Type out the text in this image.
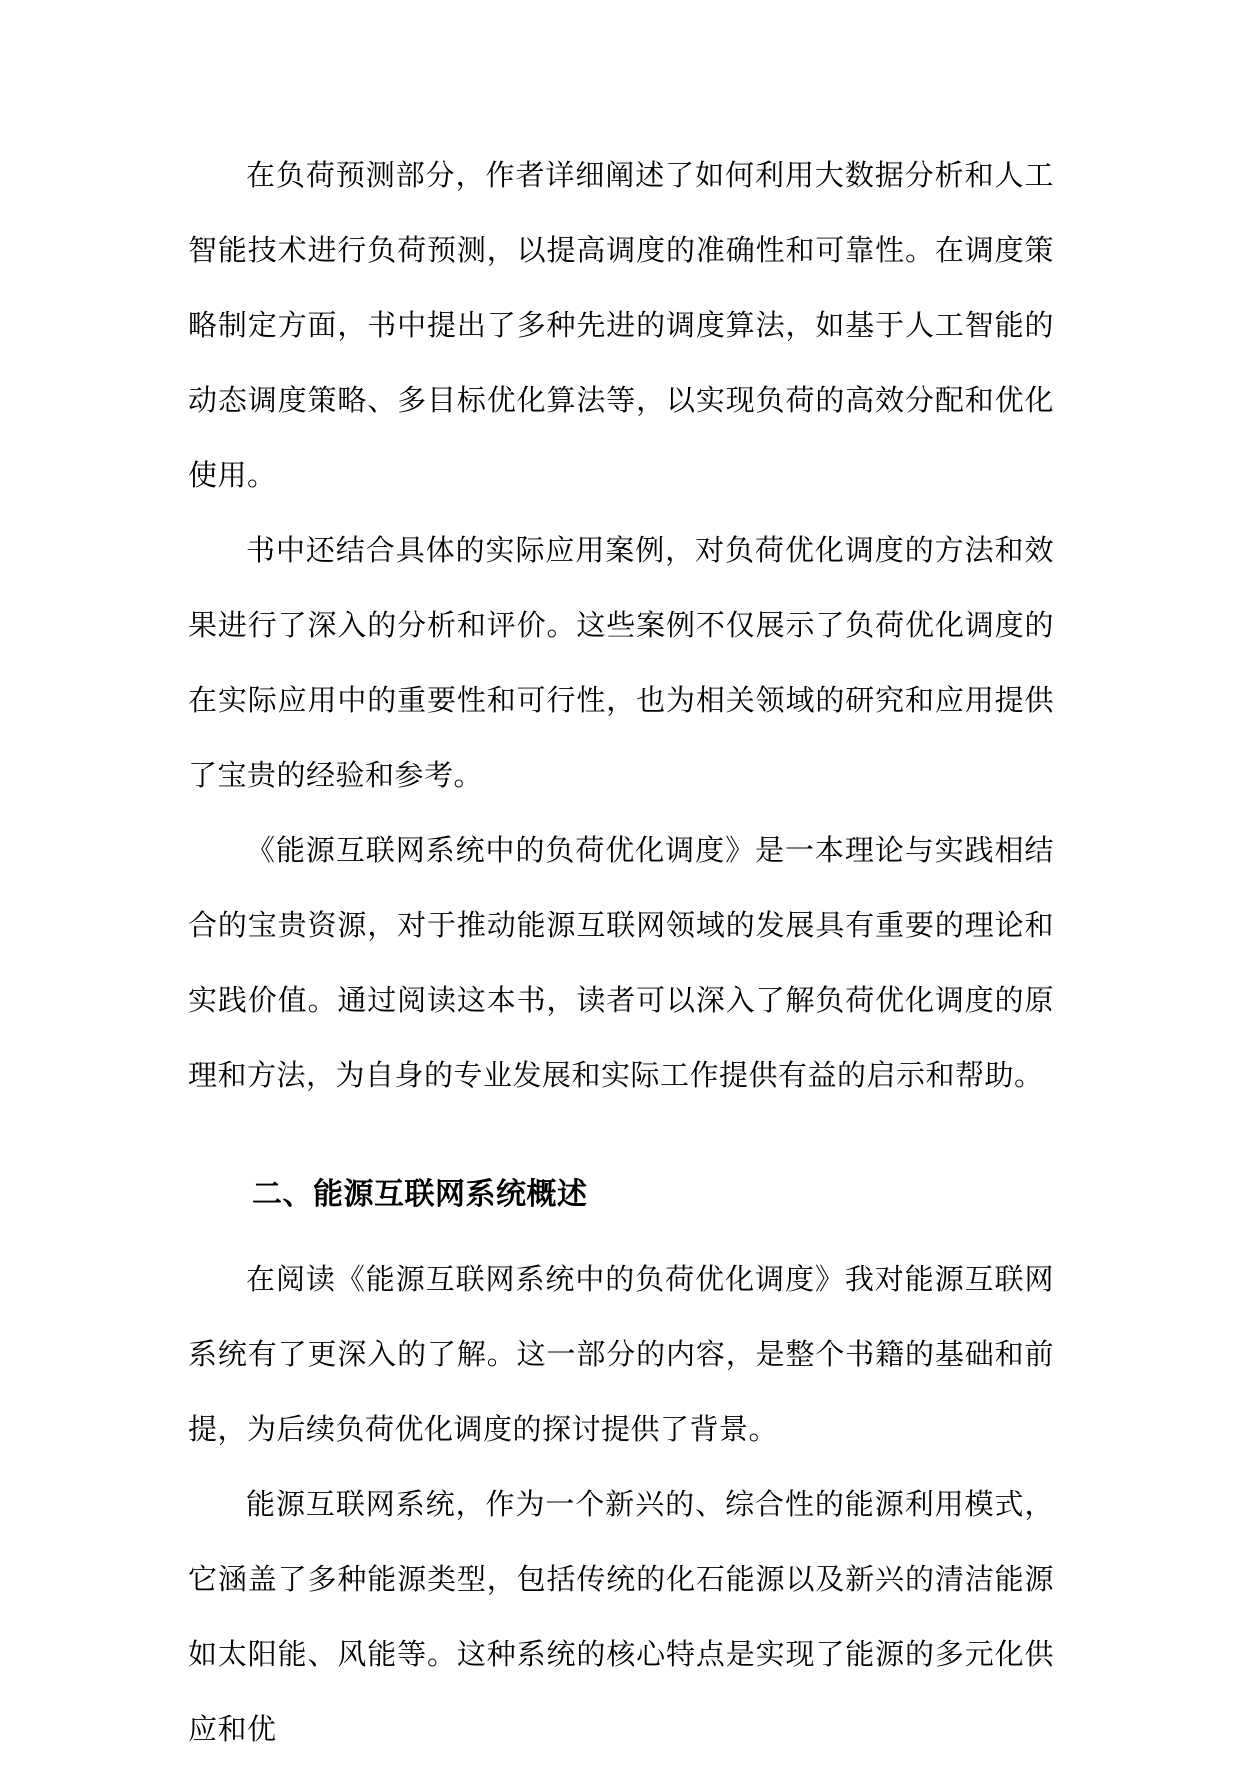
在负荷预测部分，作者详细阐述了如何利用大数据分析和人工智能技术进行负荷预测，以提高调度的准确性和可靠性。在调度策略制定方面，书中提出了多种先进的调度算法，如基于人工智能的动态调度策略、多目标优化算法等，以实现负荷的高效分配和优化使用。

书中还结合具体的实际应用案例，对负荷优化调度的方法和效果进行了深入的分析和评价。这些案例不仅展示了负荷优化调度的在实际应用中的重要性和可行性，也为相关领域的研究和应用提供了宝贵的经验和参考。

《能源互联网系统中的负荷优化调度》是一本理论与实践相结合的宝贵资源，对于推动能源互联网领域的发展具有重要的理论和实践价值。通过阅读这本书，读者可以深入了解负荷优化调度的原理和方法，为自身的专业发展和实际工作提供有益的启示和帮助。

二、能源互联网系统概述

在阅读《能源互联网系统中的负荷优化调度》我对能源互联网系统有了更深入的了解。这一部分的内容，是整个书籍的基础和前提，为后续负荷优化调度的探讨提供了背景。

能源互联网系统，作为一个新兴的、综合性的能源利用模式，它涵盖了多种能源类型，包括传统的化石能源以及新兴的清洁能源如太阳能、风能等。这种系统的核心特点是实现了能源的多元化供应和优
